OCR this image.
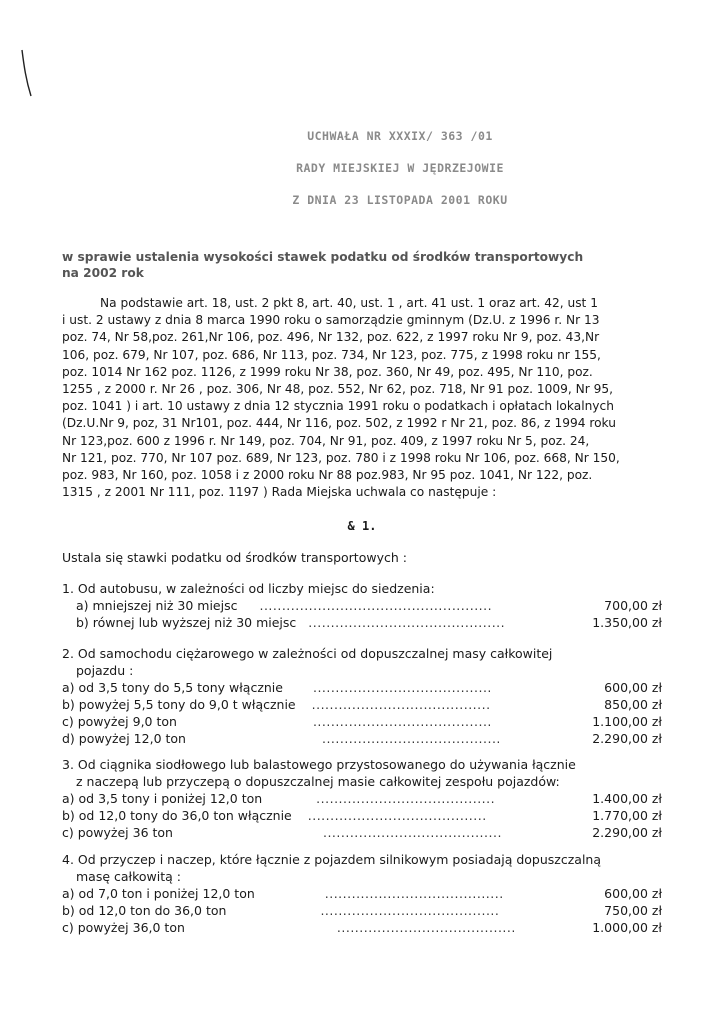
UCHWAŁA NR XXXIX/ 363 /01
RADY MIEJSKIEJ W JĘDRZEJOWIE
Z DNIA 23 LISTOPADA 2001 ROKU
w sprawie ustalenia wysokości stawek podatku od środków transportowych
na 2002 rok
Na podstawie art. 18, ust. 2 pkt 8, art. 40, ust. 1 , art. 41 ust. 1 oraz art. 42, ust 1
i ust. 2 ustawy z dnia 8 marca 1990 roku o samorządzie gminnym (Dz.U. z 1996 r. Nr 13
poz. 74, Nr 58,poz. 261,Nr 106, poz. 496, Nr 132, poz. 622, z 1997 roku Nr 9, poz. 43,Nr
106, poz. 679, Nr 107, poz. 686, Nr 113, poz. 734, Nr 123, poz. 775, z 1998 roku nr 155,
poz. 1014 Nr 162 poz. 1126, z 1999 roku Nr 38, poz. 360, Nr 49, poz. 495, Nr 110, poz.
1255 , z 2000 r. Nr 26 , poz. 306, Nr 48, poz. 552, Nr 62, poz. 718, Nr 91 poz. 1009, Nr 95,
poz. 1041 ) i art. 10 ustawy z dnia 12 stycznia 1991 roku o podatkach i opłatach lokalnych
(Dz.U.Nr 9, poz, 31 Nr101, poz. 444, Nr 116, poz. 502, z 1992 r Nr 21, poz. 86, z 1994 roku
Nr 123,poz. 600 z 1996 r. Nr 149, poz. 704, Nr 91, poz. 409, z 1997 roku Nr 5, poz. 24,
Nr 121, poz. 770, Nr 107 poz. 689, Nr 123, poz. 780 i z 1998 roku Nr 106, poz. 668, Nr 150,
poz. 983, Nr 160, poz. 1058 i z 2000 roku Nr 88 poz.983, Nr 95 poz. 1041, Nr 122, poz.
1315 , z 2001 Nr 111, poz. 1197 ) Rada Miejska uchwala co następuje :
& 1.
Ustala się stawki podatku od środków transportowych :
1. Od autobusu, w zależności od liczby miejsc do siedzenia:
a) mniejszej niż 30 miejsc ....................................................	700,00 zł
b) równej lub wyższej niż 30 miejsc ............................................	1.350,00 zł
2. Od samochodu ciężarowego w zależności od dopuszczalnej masy całkowitej
pojazdu :
a) od 3,5 tony do 5,5 tony włącznie ........................................	600,00 zł
b) powyżej 5,5 tony do 9,0 t włącznie ........................................	850,00 zł
c) powyżej 9,0 ton	........................................	1.100,00 zł
d) powyżej 12,0 ton	........................................	2.290,00 zł
3. Od ciągnika siodłowego lub balastowego przystosowanego do używania łącznie
z naczepą lub przyczepą o dopuszczalnej masie całkowitej zespołu pojazdów:
a) od 3,5 tony i poniżej 12,0 ton	........................................	1.400,00 zł
b) od 12,0 tony do 36,0 ton włącznie ........................................	1.770,00 zł
c) powyżej 36 ton	........................................	2.290,00 zł
4. Od przyczep i naczep, które łącznie z pojazdem silnikowym posiadają dopuszczalną
masę całkowitą :
a) od 7,0 ton i poniżej 12,0 ton	........................................	600,00 zł
b) od 12,0 ton do 36,0 ton	........................................	750,00 zł
c) powyżej 36,0 ton	........................................	1.000,00 zł
